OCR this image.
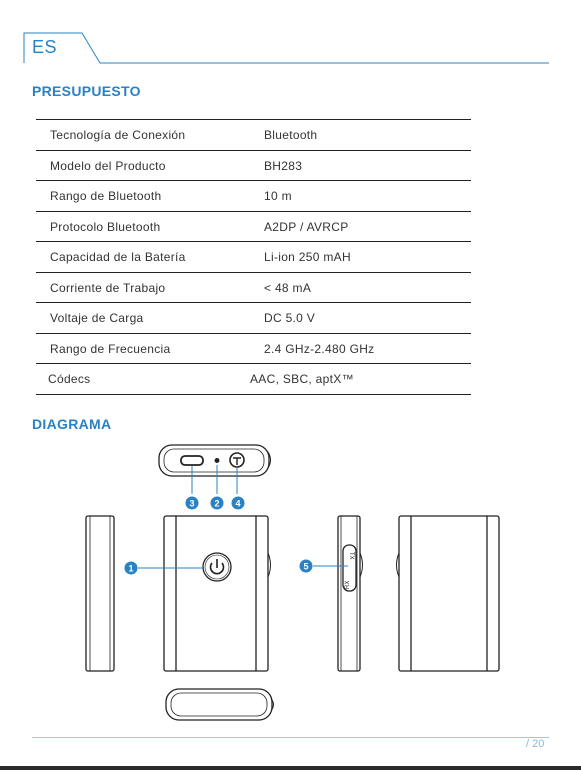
ES
PRESUPUESTO
Tecnología de Conexión	Bluetooth
Modelo del Producto	BH283
Rango de Bluetooth	10 m
Protocolo Bluetooth	A2DP / AVRCP
Capacidad de la Batería	Li-ion 250 mAH
Corriente de Trabajo	< 48 mA
Voltaje de Carga	DC 5.0 V
Rango de Frecuencia	2.4 GHz-2.480 GHz
Códecs	AAC, SBC, aptX™
DIAGRAMA
RX
TX
1
2
3	4
5
/ 20
